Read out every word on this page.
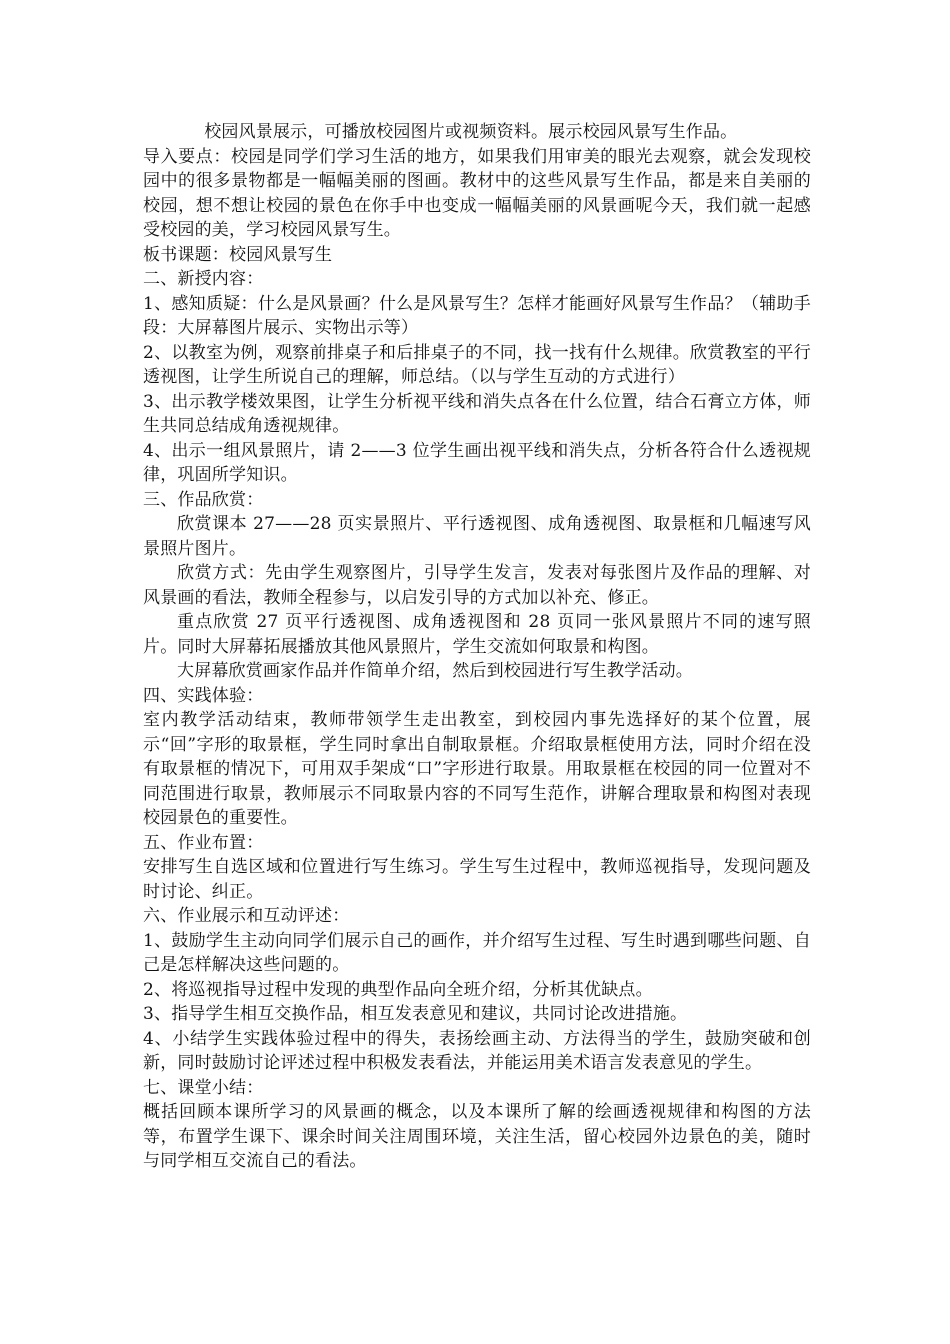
校园风景展示，可播放校园图片或视频资料。展示校园风景写生作品。

导入要点：校园是同学们学习生活的地方，如果我们用审美的眼光去观察，就会发现校园中的很多景物都是一幅幅美丽的图画。教材中的这些风景写生作品，都是来自美丽的校园，想不想让校园的景色在你手中也变成一幅幅美丽的风景画呢今天，我们就一起感受校园的美，学习校园风景写生。

板书课题：校园风景写生

二、新授内容：

1、感知质疑：什么是风景画？什么是风景写生？怎样才能画好风景写生作品？（辅助手段：大屏幕图片展示、实物出示等）

2、以教室为例，观察前排桌子和后排桌子的不同，找一找有什么规律。欣赏教室的平行透视图，让学生所说自己的理解，师总结。（以与学生互动的方式进行）

3、出示教学楼效果图，让学生分析视平线和消失点各在什么位置，结合石膏立方体，师生共同总结成角透视规律。

4、出示一组风景照片，请 2——3 位学生画出视平线和消失点，分析各符合什么透视规律，巩固所学知识。

三、作品欣赏：

欣赏课本 27——28 页实景照片、平行透视图、成角透视图、取景框和几幅速写风景照片图片。

欣赏方式：先由学生观察图片，引导学生发言，发表对每张图片及作品的理解、对风景画的看法，教师全程参与，以启发引导的方式加以补充、修正。

重点欣赏 27 页平行透视图、成角透视图和 28 页同一张风景照片不同的速写照片。同时大屏幕拓展播放其他风景照片，学生交流如何取景和构图。

大屏幕欣赏画家作品并作简单介绍，然后到校园进行写生教学活动。

四、实践体验：

室内教学活动结束，教师带领学生走出教室，到校园内事先选择好的某个位置，展示“回”字形的取景框，学生同时拿出自制取景框。介绍取景框使用方法，同时介绍在没有取景框的情况下，可用双手架成“口”字形进行取景。用取景框在校园的同一位置对不同范围进行取景，教师展示不同取景内容的不同写生范作，讲解合理取景和构图对表现校园景色的重要性。

五、作业布置：

安排写生自选区域和位置进行写生练习。学生写生过程中，教师巡视指导，发现问题及时讨论、纠正。

六、作业展示和互动评述：

1、鼓励学生主动向同学们展示自己的画作，并介绍写生过程、写生时遇到哪些问题、自己是怎样解决这些问题的。

2、将巡视指导过程中发现的典型作品向全班介绍，分析其优缺点。

3、指导学生相互交换作品，相互发表意见和建议，共同讨论改进措施。

4、小结学生实践体验过程中的得失，表扬绘画主动、方法得当的学生，鼓励突破和创新，同时鼓励讨论评述过程中积极发表看法，并能运用美术语言发表意见的学生。

七、课堂小结：

概括回顾本课所学习的风景画的概念，以及本课所了解的绘画透视规律和构图的方法等，布置学生课下、课余时间关注周围环境，关注生活，留心校园外边景色的美，随时与同学相互交流自己的看法。
